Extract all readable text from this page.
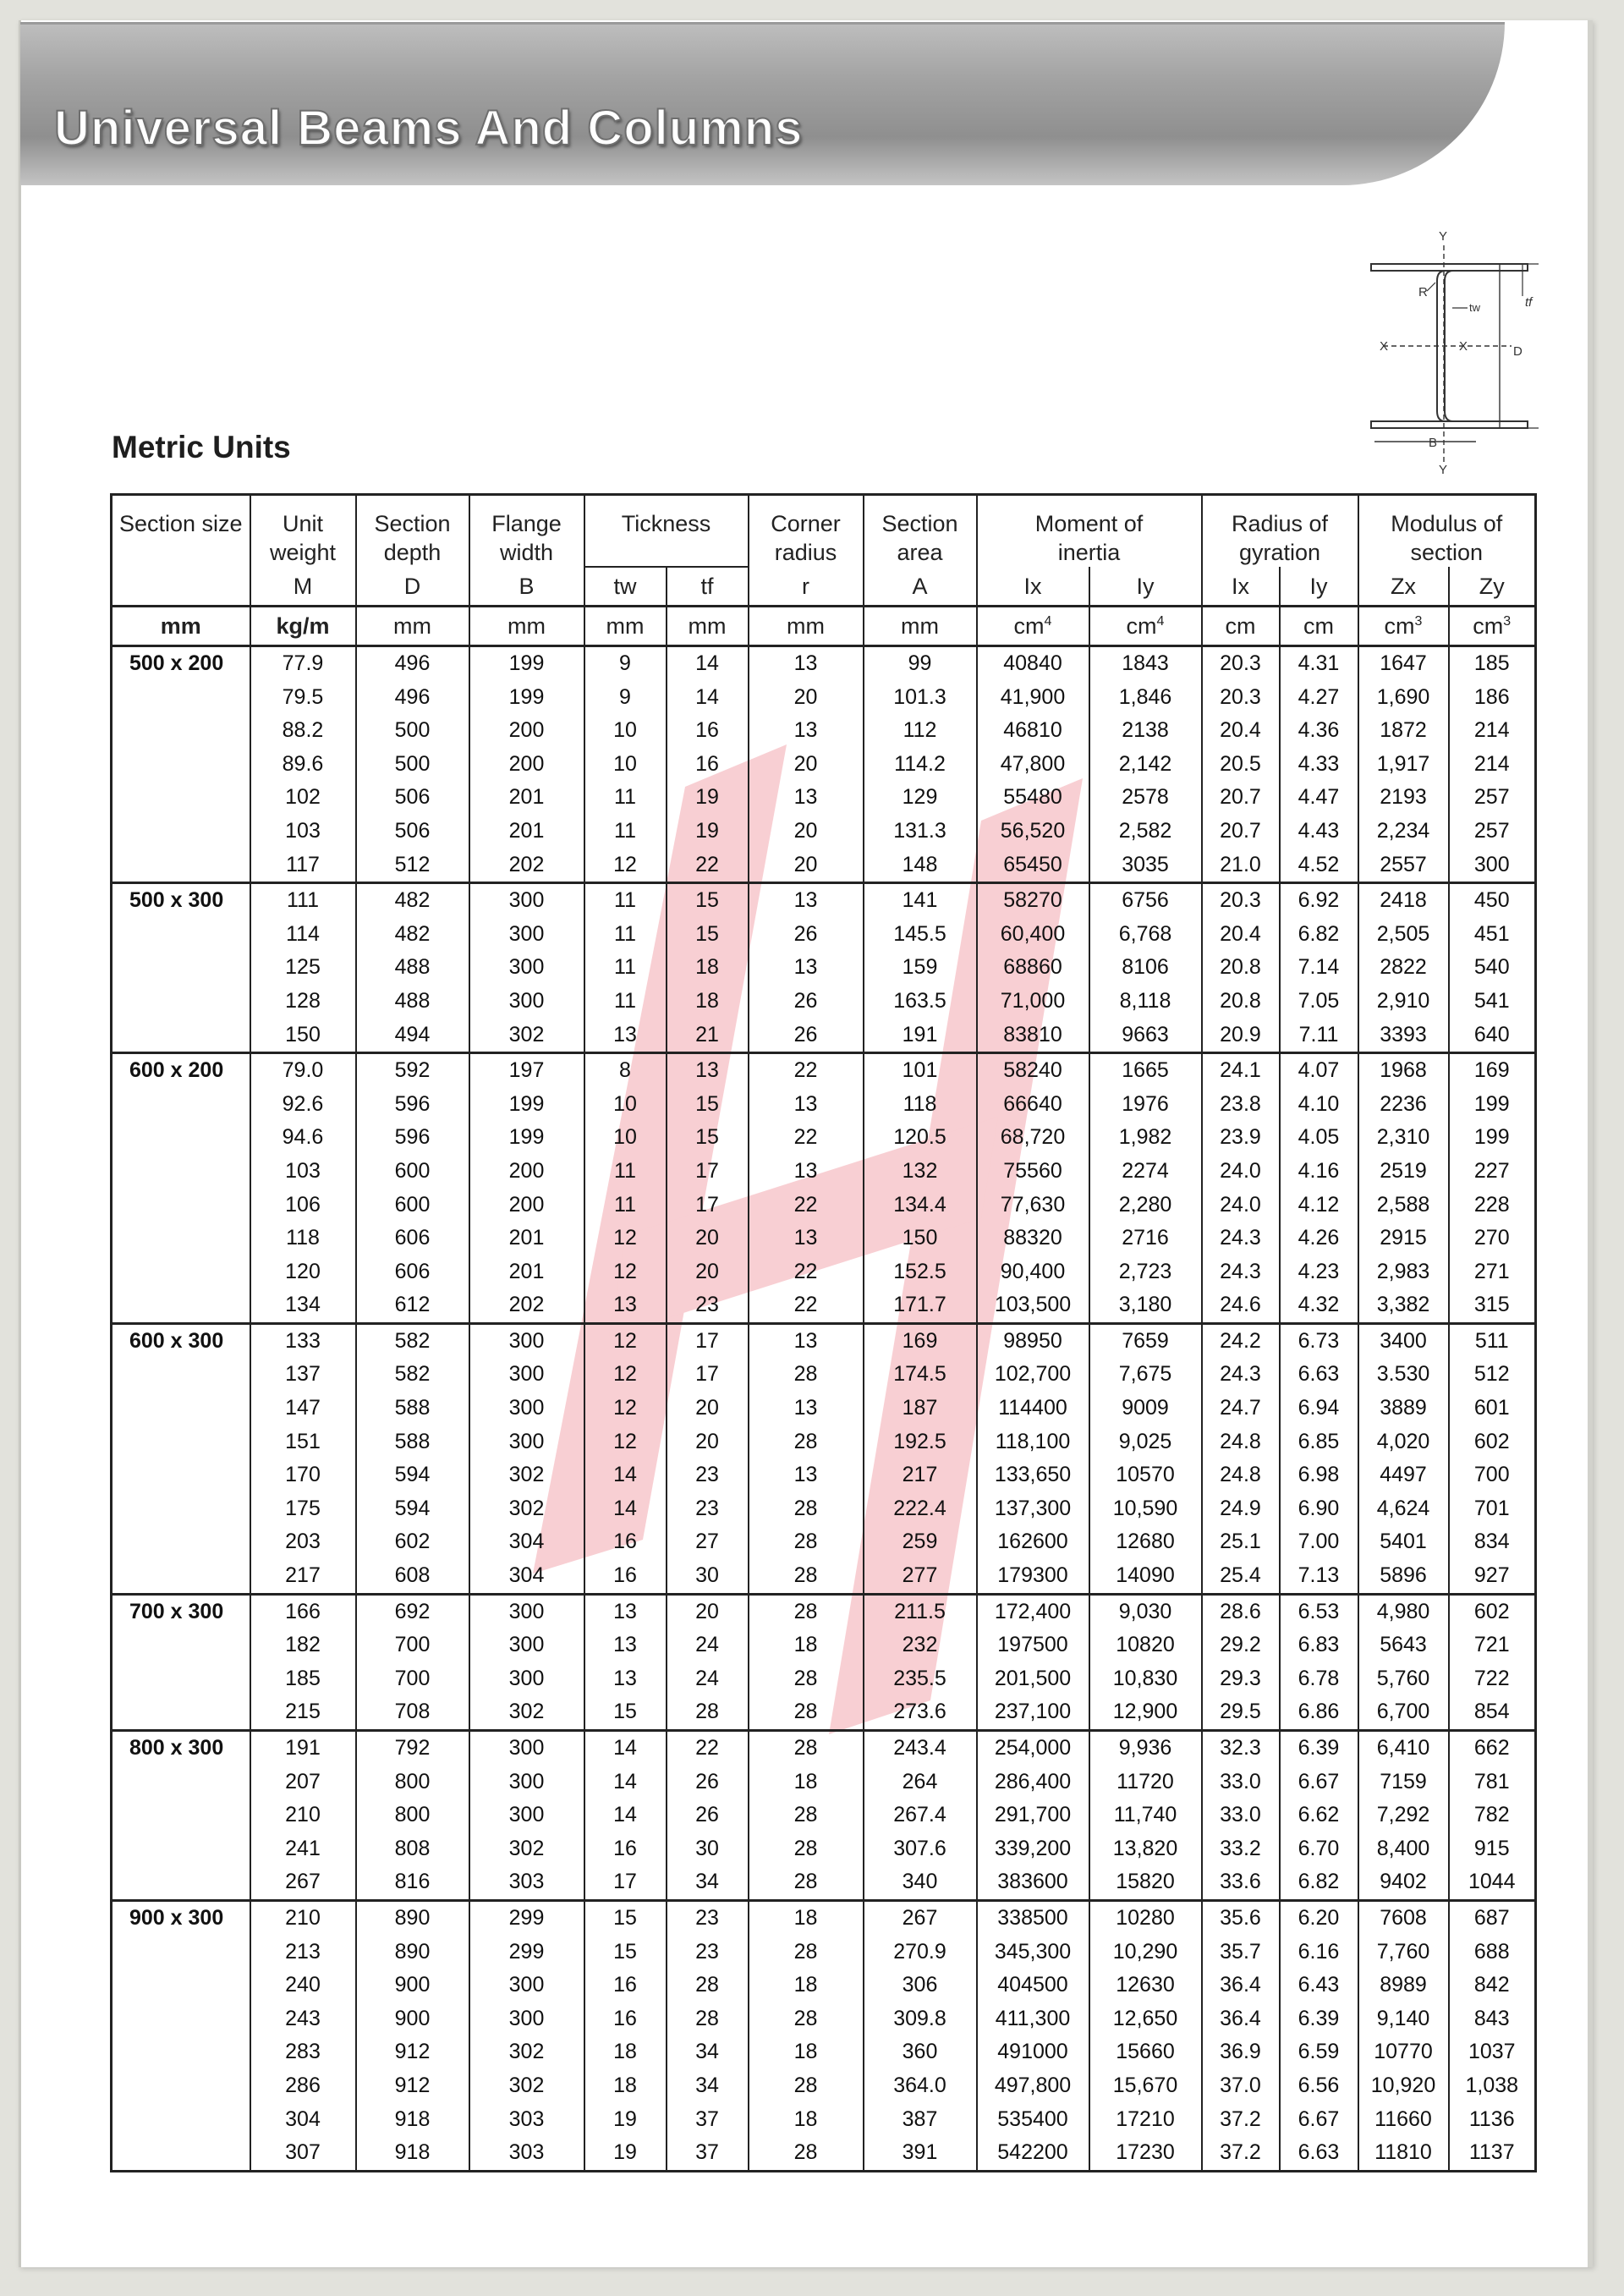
Universal Beams And Columns
Y
Y
X	X
R
tw	tf
D
B
Metric Units
Section size	Unit weight	Section depth	Flange width	Tickness		Corner radius	Section area	Moment of inertia		Radius of gyration		Modulus of section	
	M	D	B	tw	tf	r	A	Ix	Iy	Ix	Iy	Zx	Zy
mm	kg/m	mm	mm	mm	mm	mm	mm	$cm^4$	$cm^4$	cm	cm	$cm^3$	$cm^3$
500 x 200	77.9	496	199	9	14	13	99	40840	1843	20.3	4.31	1647	185
	79.5	496	199	9	14	20	101.3	41,900	1,846	20.3	4.27	1,690	186
	88.2	500	200	10	16	13	112	46810	2138	20.4	4.36	1872	214
	89.6	500	200	10	16	20	114.2	47,800	2,142	20.5	4.33	1,917	214
	102	506	201	11	19	13	129	55480	2578	20.7	4.47	2193	257
	103	506	201	11	19	20	131.3	56,520	2,582	20.7	4.43	2,234	257
	117	512	202	12	22	20	148	65450	3035	21.0	4.52	2557	300
500 x 300	111	482	300	11	15	13	141	58270	6756	20.3	6.92	2418	450
	114	482	300	11	15	26	145.5	60,400	6,768	20.4	6.82	2,505	451
	125	488	300	11	18	13	159	68860	8106	20.8	7.14	2822	540
	128	488	300	11	18	26	163.5	71,000	8,118	20.8	7.05	2,910	541
	150	494	302	13	21	26	191	83810	9663	20.9	7.11	3393	640
600 x 200	79.0	592	197	8	13	22	101	58240	1665	24.1	4.07	1968	169
	92.6	596	199	10	15	13	118	66640	1976	23.8	4.10	2236	199
	94.6	596	199	10	15	22	120.5	68,720	1,982	23.9	4.05	2,310	199
	103	600	200	11	17	13	132	75560	2274	24.0	4.16	2519	227
	106	600	200	11	17	22	134.4	77,630	2,280	24.0	4.12	2,588	228
	118	606	201	12	20	13	150	88320	2716	24.3	4.26	2915	270
	120	606	201	12	20	22	152.5	90,400	2,723	24.3	4.23	2,983	271
	134	612	202	13	23	22	171.7	103,500	3,180	24.6	4.32	3,382	315
600 x 300	133	582	300	12	17	13	169	98950	7659	24.2	6.73	3400	511
	137	582	300	12	17	28	174.5	102,700	7,675	24.3	6.63	3.530	512
	147	588	300	12	20	13	187	114400	9009	24.7	6.94	3889	601
	151	588	300	12	20	28	192.5	118,100	9,025	24.8	6.85	4,020	602
	170	594	302	14	23	13	217	133,650	10570	24.8	6.98	4497	700
	175	594	302	14	23	28	222.4	137,300	10,590	24.9	6.90	4,624	701
	203	602	304	16	27	28	259	162600	12680	25.1	7.00	5401	834
	217	608	304	16	30	28	277	179300	14090	25.4	7.13	5896	927
700 x 300	166	692	300	13	20	28	211.5	172,400	9,030	28.6	6.53	4,980	602
	182	700	300	13	24	18	232	197500	10820	29.2	6.83	5643	721
	185	700	300	13	24	28	235.5	201,500	10,830	29.3	6.78	5,760	722
	215	708	302	15	28	28	273.6	237,100	12,900	29.5	6.86	6,700	854
800 x 300	191	792	300	14	22	28	243.4	254,000	9,936	32.3	6.39	6,410	662
	207	800	300	14	26	18	264	286,400	11720	33.0	6.67	7159	781
	210	800	300	14	26	28	267.4	291,700	11,740	33.0	6.62	7,292	782
	241	808	302	16	30	28	307.6	339,200	13,820	33.2	6.70	8,400	915
	267	816	303	17	34	28	340	383600	15820	33.6	6.82	9402	1044
900 x 300	210	890	299	15	23	18	267	338500	10280	35.6	6.20	7608	687
	213	890	299	15	23	28	270.9	345,300	10,290	35.7	6.16	7,760	688
	240	900	300	16	28	18	306	404500	12630	36.4	6.43	8989	842
	243	900	300	16	28	28	309.8	411,300	12,650	36.4	6.39	9,140	843
	283	912	302	18	34	18	360	491000	15660	36.9	6.59	10770	1037
	286	912	302	18	34	28	364.0	497,800	15,670	37.0	6.56	10,920	1,038
	304	918	303	19	37	18	387	535400	17210	37.2	6.67	11660	1136
	307	918	303	19	37	28	391	542200	17230	37.2	6.63	11810	1137
